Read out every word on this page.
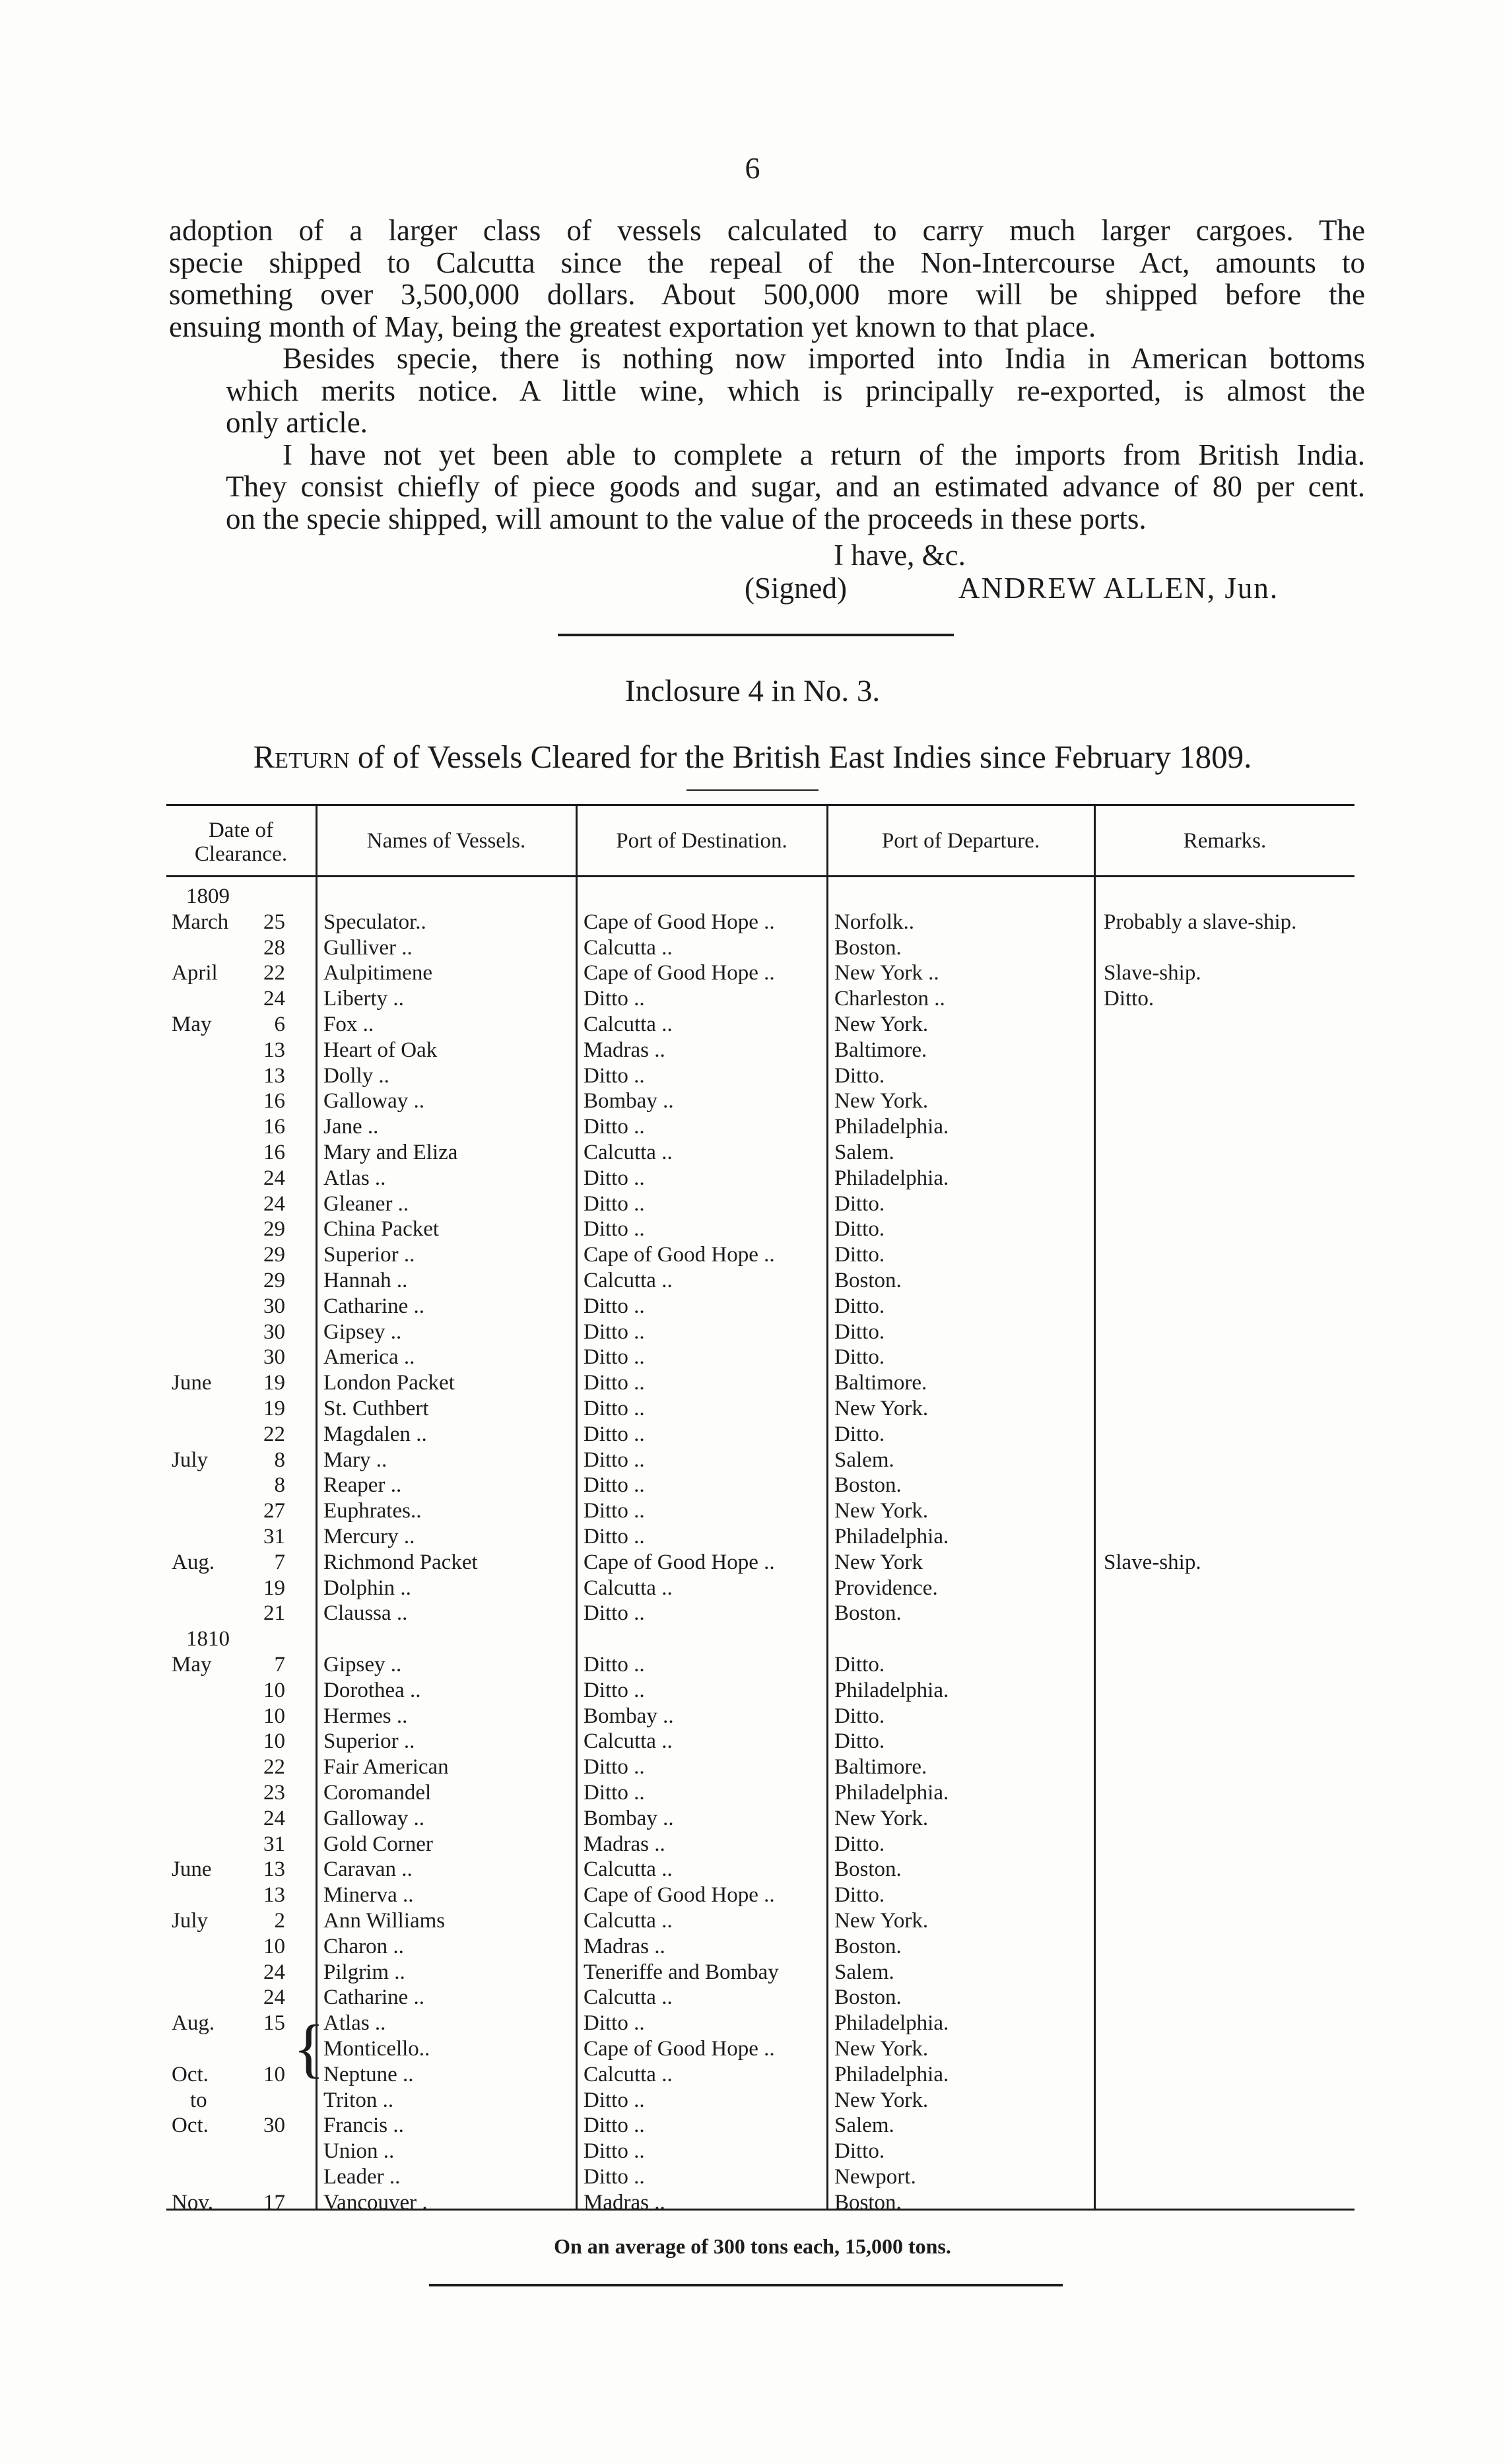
6
adoption of a larger class of vessels calculated to carry much larger cargoes. The
specie shipped to Calcutta since the repeal of the Non-Intercourse Act, amounts to
something over 3,500,000 dollars. About 500,000 more will be shipped before the
ensuing month of May, being the greatest exportation yet known to that place.
Besides specie, there is nothing now imported into India in American bottoms
which merits notice. A little wine, which is principally re-exported, is almost the
only article.
I have not yet been able to complete a return of the imports from British India.
They consist chiefly of piece goods and sugar, and an estimated advance of 80 per cent.
on the specie shipped, will amount to the value of the proceeds in these ports.
I have, &c.
(Signed)	ANDREW ALLEN, Jun.
Inclosure 4 in No. 3.
Return of of Vessels Cleared for the British East Indies since February 1809.
Date of
Clearance.
Names of Vessels.	Port of Destination.	Port of Departure.	Remarks.
1809
March	25 Speculator..	Cape of Good Hope ..	Norfolk..	Probably a slave-ship.
28 Gulliver ..	Calcutta ..	Boston.
April	22 Aulpitimene	Cape of Good Hope ..	New York ..	Slave-ship.
24 Liberty ..	Ditto ..	Charleston ..	Ditto.
May	6 Fox ..	Calcutta ..	New York.
13 Heart of Oak	Madras ..	Baltimore.
13 Dolly ..	Ditto ..	Ditto.
16 Galloway ..	Bombay ..	New York.
16 Jane ..	Ditto ..	Philadelphia.
16 Mary and Eliza	Calcutta ..	Salem.
24 Atlas ..	Ditto ..	Philadelphia.
24 Gleaner ..	Ditto ..	Ditto.
29 China Packet	Ditto ..	Ditto.
29 Superior ..	Cape of Good Hope ..	Ditto.
29 Hannah ..	Calcutta ..	Boston.
30 Catharine ..	Ditto ..	Ditto.
30 Gipsey ..	Ditto ..	Ditto.
30 America ..	Ditto ..	Ditto.
June	19 London Packet	Ditto ..	Baltimore.
19 St. Cuthbert	Ditto ..	New York.
22 Magdalen ..	Ditto ..	Ditto.
July	8 Mary ..	Ditto ..	Salem.
8 Reaper ..	Ditto ..	Boston.
27 Euphrates..	Ditto ..	New York.
31 Mercury ..	Ditto ..	Philadelphia.
Aug.	7 Richmond Packet	Cape of Good Hope ..	New York	Slave-ship.
19 Dolphin ..	Calcutta ..	Providence.
21 Claussa ..	Ditto ..	Boston.
1810
May	7 Gipsey ..	Ditto ..	Ditto.
10 Dorothea ..	Ditto ..	Philadelphia.
10 Hermes ..	Bombay ..	Ditto.
10 Superior ..	Calcutta ..	Ditto.
22 Fair American	Ditto ..	Baltimore.
23 Coromandel	Ditto ..	Philadelphia.
24 Galloway ..	Bombay ..	New York.
31 Gold Corner	Madras ..	Ditto.
June	13 Caravan ..	Calcutta ..	Boston.
13 Minerva ..	Cape of Good Hope ..	Ditto.
July	2 Ann Williams	Calcutta ..	New York.
10 Charon ..	Madras ..	Boston.
24 Pilgrim ..	Teneriffe and Bombay	Salem.
24 Catharine ..	Calcutta ..	Boston.
Aug.	15 Atlas ..	Ditto ..	Philadelphia.
Monticello..	Cape of Good Hope ..	New York.
Oct.	10 Neptune ..	Calcutta ..	Philadelphia.
to	Triton ..	Ditto ..	New York.
Oct.	30 Francis ..	Ditto ..	Salem.
Union ..	Ditto ..	Ditto.
Leader ..	Ditto ..	Newport.
Nov.	17 Vancouver .	Madras ..	Boston.
{
On an average of 300 tons each, 15,000 tons.
